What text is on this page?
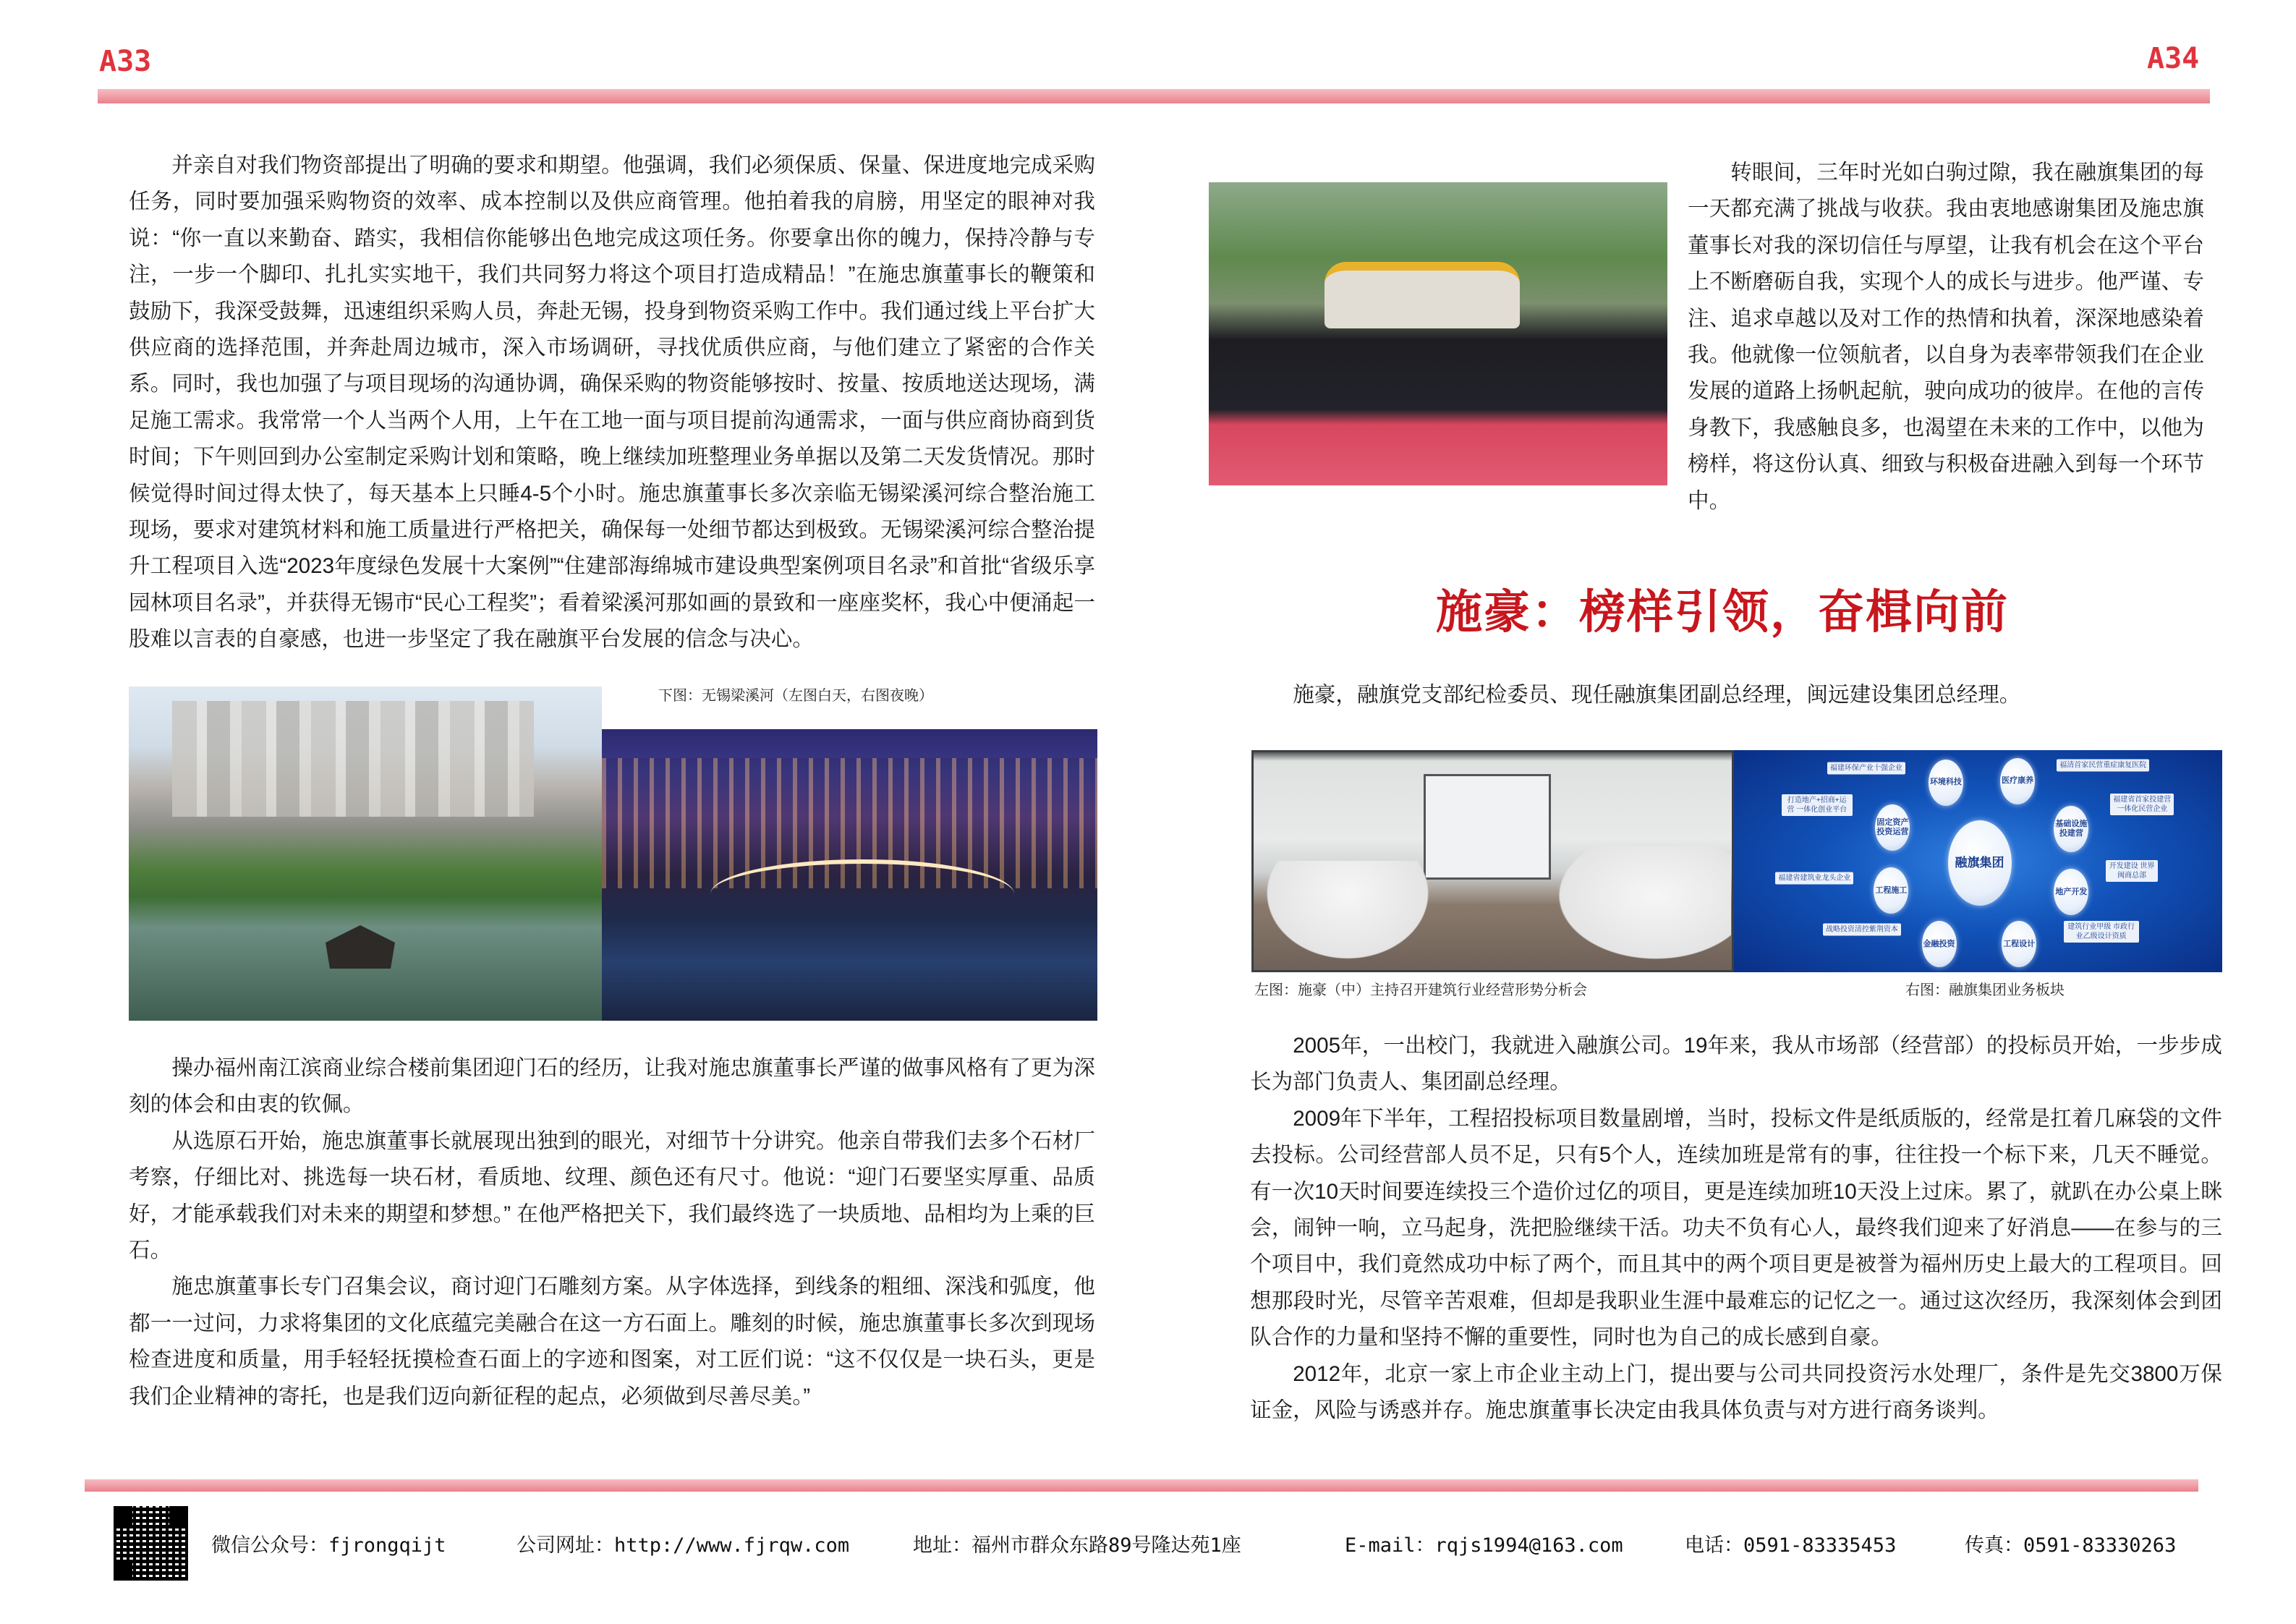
A33	A34

并亲自对我们物资部提出了明确的要求和期望。他强调，我们必须保质、保量、保进度地完成采购任务，同时要加强采购物资的效率、成本控制以及供应商管理。他拍着我的肩膀，用坚定的眼神对我说：“你一直以来勤奋、踏实，我相信你能够出色地完成这项任务。你要拿出你的魄力，保持冷静与专注，一步一个脚印、扎扎实实地干，我们共同努力将这个项目打造成精品！”在施忠旗董事长的鞭策和鼓励下，我深受鼓舞，迅速组织采购人员，奔赴无锡，投身到物资采购工作中。我们通过线上平台扩大供应商的选择范围，并奔赴周边城市，深入市场调研，寻找优质供应商，与他们建立了紧密的合作关系。同时，我也加强了与项目现场的沟通协调，确保采购的物资能够按时、按量、按质地送达现场，满足施工需求。我常常一个人当两个人用，上午在工地一面与项目提前沟通需求，一面与供应商协商到货时间；下午则回到办公室制定采购计划和策略，晚上继续加班整理业务单据以及第二天发货情况。那时候觉得时间过得太快了，每天基本上只睡4-5个小时。施忠旗董事长多次亲临无锡梁溪河综合整治施工现场，要求对建筑材料和施工质量进行严格把关，确保每一处细节都达到极致。无锡梁溪河综合整治提升工程项目入选“2023年度绿色发展十大案例”“住建部海绵城市建设典型案例项目名录”和首批“省级乐享园林项目名录”，并获得无锡市“民心工程奖”；看着梁溪河那如画的景致和一座座奖杯，我心中便涌起一股难以言表的自豪感，也进一步坚定了我在融旗平台发展的信念与决心。

下图：无锡梁溪河（左图白天，右图夜晚）

操办福州南江滨商业综合楼前集团迎门石的经历，让我对施忠旗董事长严谨的做事风格有了更为深刻的体会和由衷的钦佩。

从选原石开始，施忠旗董事长就展现出独到的眼光，对细节十分讲究。他亲自带我们去多个石材厂考察，仔细比对、挑选每一块石材，看质地、纹理、颜色还有尺寸。他说：“迎门石要坚实厚重、品质好，才能承载我们对未来的期望和梦想。” 在他严格把关下，我们最终选了一块质地、品相均为上乘的巨石。

施忠旗董事长专门召集会议，商讨迎门石雕刻方案。从字体选择，到线条的粗细、深浅和弧度，他都一一过问，力求将集团的文化底蕴完美融合在这一方石面上。雕刻的时候，施忠旗董事长多次到现场检查进度和质量，用手轻轻抚摸检查石面上的字迹和图案，对工匠们说：“这不仅仅是一块石头，更是我们企业精神的寄托，也是我们迈向新征程的起点，必须做到尽善尽美。”

转眼间，三年时光如白驹过隙，我在融旗集团的每一天都充满了挑战与收获。我由衷地感谢集团及施忠旗董事长对我的深切信任与厚望，让我有机会在这个平台上不断磨砺自我，实现个人的成长与进步。他严谨、专注、追求卓越以及对工作的热情和执着，深深地感染着我。他就像一位领航者，以自身为表率带领我们在企业发展的道路上扬帆起航，驶向成功的彼岸。在他的言传身教下，我感触良多，也渴望在未来的工作中，以他为榜样，将这份认真、细致与积极奋进融入到每一个环节中。

施豪：榜样引领，奋楫向前

施豪，融旗党支部纪检委员、现任融旗集团副总经理，闽远建设集团总经理。

融旗集团
环境科技	医疗康养
固定资产投资运营
基础设施投建营
工程施工	地产开发
金融投资	工程设计
福建环保产业十强企业	福清首家民营重症康复医院
打造地产+招商+运营 一体化创业平台
福建省首家投建营 一体化民营企业
福建省建筑业龙头企业
开发建设 世界闽商总部
战略投资清控紫荆资本	建筑行业甲级 市政行业乙级设计资质
左图：施豪（中）主持召开建筑行业经营形势分析会	右图：融旗集团业务板块

2005年，一出校门，我就进入融旗公司。19年来，我从市场部（经营部）的投标员开始，一步步成长为部门负责人、集团副总经理。

2009年下半年，工程招投标项目数量剧增，当时，投标文件是纸质版的，经常是扛着几麻袋的文件去投标。公司经营部人员不足，只有5个人，连续加班是常有的事，往往投一个标下来，几天不睡觉。有一次10天时间要连续投三个造价过亿的项目，更是连续加班10天没上过床。累了，就趴在办公桌上眯会，闹钟一响，立马起身，洗把脸继续干活。功夫不负有心人，最终我们迎来了好消息——在参与的三个项目中，我们竟然成功中标了两个，而且其中的两个项目更是被誉为福州历史上最大的工程项目。回想那段时光，尽管辛苦艰难，但却是我职业生涯中最难忘的记忆之一。通过这次经历，我深刻体会到团队合作的力量和坚持不懈的重要性，同时也为自己的成长感到自豪。

2012年，北京一家上市企业主动上门，提出要与公司共同投资污水处理厂，条件是先交3800万保证金，风险与诱惑并存。施忠旗董事长决定由我具体负责与对方进行商务谈判。

微信公众号：fjrongqijt	公司网址：http://www.fjrqw.com	地址：福州市群众东路89号隆达苑1座	E-mail：rqjs1994@163.com	电话：0591-83335453	传真：0591-83330263
